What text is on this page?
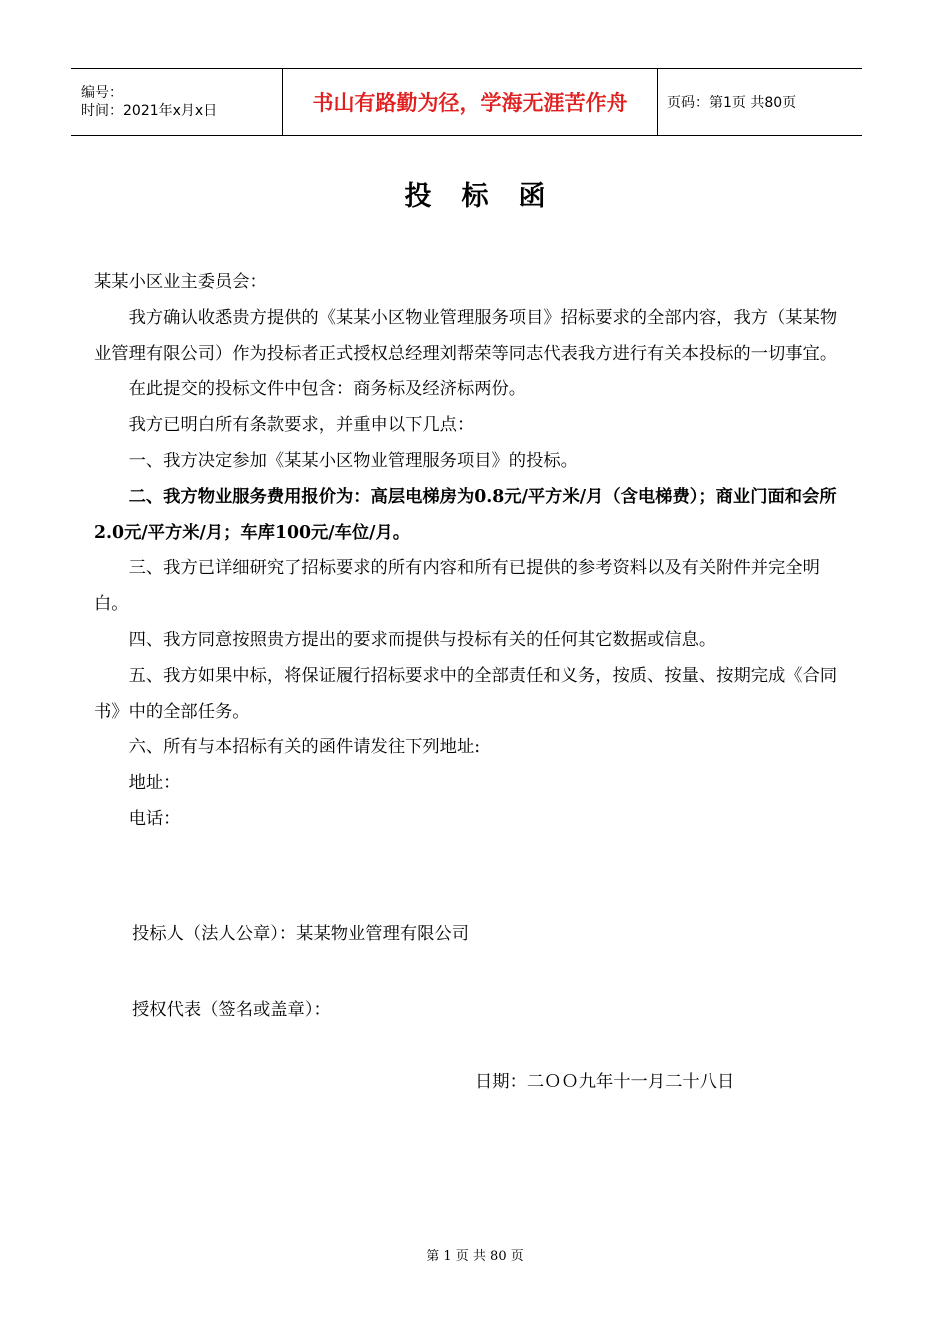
编号：
时间：2021年x月x日	书山有路勤为径，学海无涯苦作舟	页码：第1页 共80页
投标函

某某小区业主委员会：

我方确认收悉贵方提供的《某某小区物业管理服务项目》招标要求的全部内容，我方（某某物业管理有限公司）作为投标者正式授权总经理刘帮荣等同志代表我方进行有关本投标的一切事宜。

在此提交的投标文件中包含：商务标及经济标两份。

我方已明白所有条款要求，并重申以下几点：

一、我方决定参加《某某小区物业管理服务项目》的投标。

二、我方物业服务费用报价为：高层电梯房为0.8元/平方米/月（含电梯费）；商业门面和会所2.0元/平方米/月；车库100元/车位/月。

三、我方已详细研究了招标要求的所有内容和所有已提供的参考资料以及有关附件并完全明白。

四、我方同意按照贵方提出的要求而提供与投标有关的任何其它数据或信息。

五、我方如果中标，将保证履行招标要求中的全部责任和义务，按质、按量、按期完成《合同书》中的全部任务。

六、所有与本招标有关的函件请发往下列地址:

地址：

电话：

投标人（法人公章）：某某物业管理有限公司
授权代表（签名或盖章）：
日期：二ＯＯ九年十一月二十八日
第 1 页 共 80 页
